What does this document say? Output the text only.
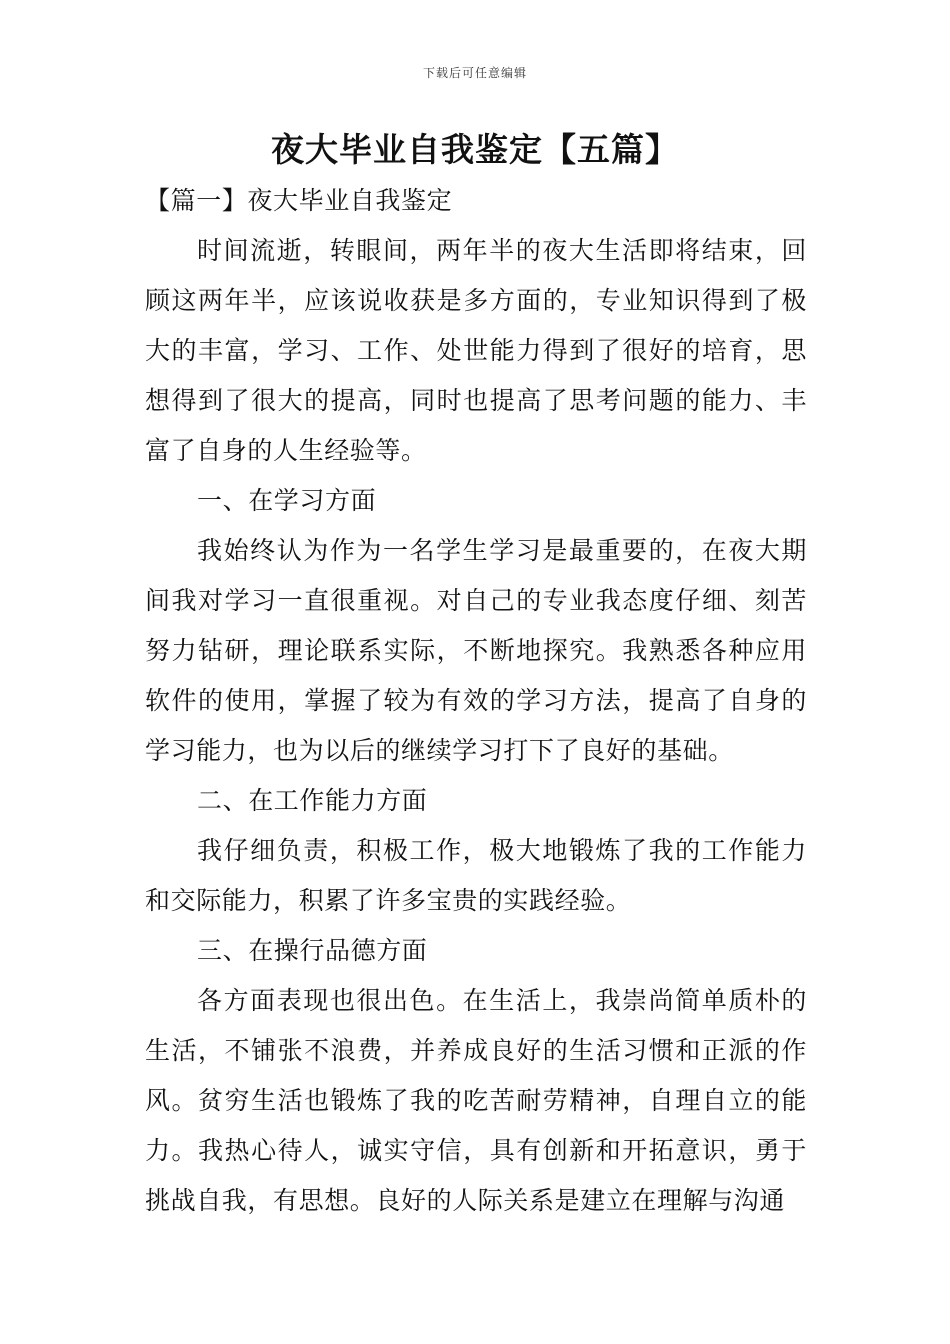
下载后可任意编辑
夜大毕业自我鉴定【五篇】

【篇一】夜大毕业自我鉴定

时间流逝，转眼间，两年半的夜大生活即将结束，回顾这两年半，应该说收获是多方面的，专业知识得到了极大的丰富，学习、工作、处世能力得到了很好的培育，思想得到了很大的提高，同时也提高了思考问题的能力、丰富了自身的人生经验等。

一、在学习方面

我始终认为作为一名学生学习是最重要的，在夜大期间我对学习一直很重视。对自己的专业我态度仔细、刻苦努力钻研，理论联系实际，不断地探究。我熟悉各种应用软件的使用，掌握了较为有效的学习方法，提高了自身的学习能力，也为以后的继续学习打下了良好的基础。

二、在工作能力方面

我仔细负责，积极工作，极大地锻炼了我的工作能力和交际能力，积累了许多宝贵的实践经验。

三、在操行品德方面

各方面表现也很出色。在生活上，我崇尚简单质朴的生活，不铺张不浪费，并养成良好的生活习惯和正派的作风。贫穷生活也锻炼了我的吃苦耐劳精神，自理自立的能力。我热心待人，诚实守信，具有创新和开拓意识，勇于挑战自我，有思想。良好的人际关系是建立在理解与沟通
